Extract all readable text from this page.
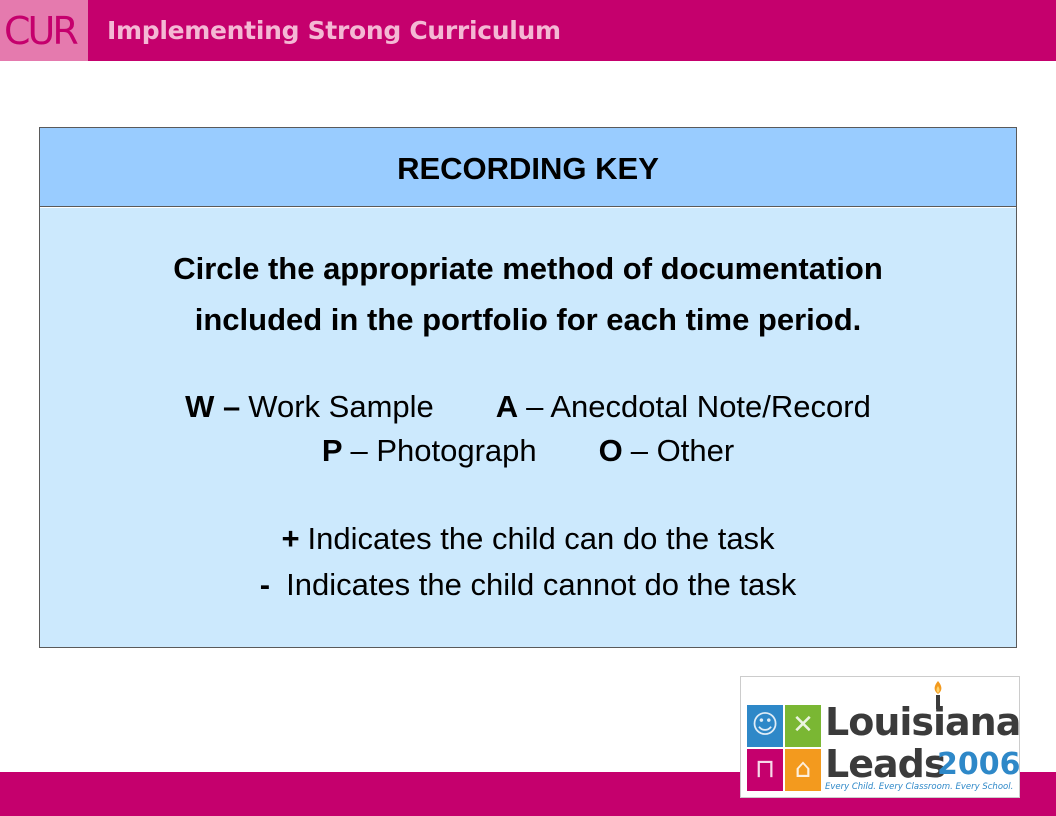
CUR Implementing Strong Curriculum
RECORDING KEY
Circle the appropriate method of documentation
included in the portfolio for each time period.
W – Work Sample A – Anecdotal Note/Record
P – Photograph O – Other
+ Indicates the child can do the task
- Indicates the child cannot do the task
☺ ✕
⊓ ⌂
Louisiana
Leads
2006
Every Child. Every Classroom. Every School.
